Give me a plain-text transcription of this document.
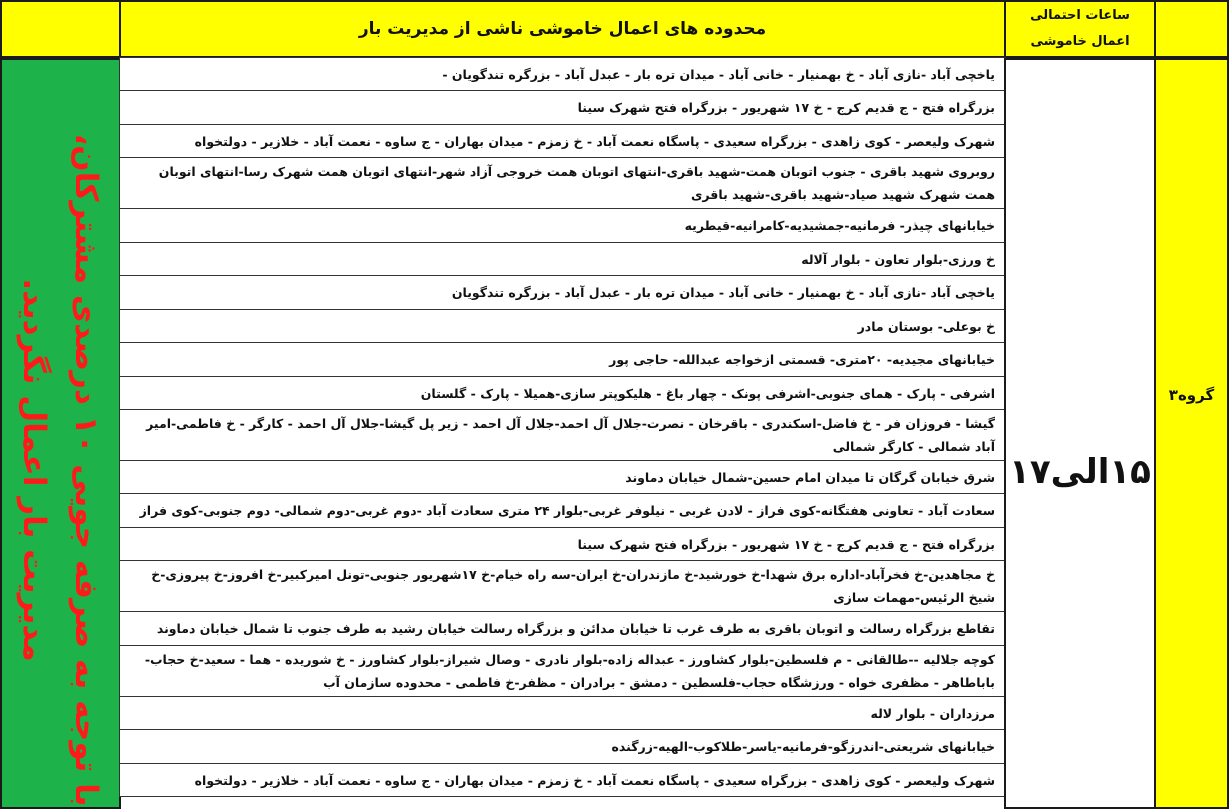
محدوده های اعمال خاموشی ناشی از مدیریت بار
ساعات احتمالی اعمال خاموشی
با توجه به صرفه جویی ۱۰ درصدی مشترکان، مدیریت بار اعمال نگردید.
یاخچی آباد -نازی آباد - خ بهمنیار - خانی آباد - میدان تره بار - عبدل آباد - بزرگره تندگویان -
بزرگراه فتح - ج قدیم کرج - خ ۱۷ شهریور - بزرگراه فتح شهرک سینا
شهرک ولیعصر - کوی زاهدی - بزرگراه سعیدی - پاسگاه نعمت آباد - خ زمزم - میدان بهاران - ج ساوه - نعمت آباد - خلازیر - دولتخواه
روبروی شهید باقری - جنوب اتوبان همت-شهید باقری-انتهای اتوبان همت خروجی آزاد شهر-انتهای اتوبان همت شهرک رسا-انتهای اتوبان همت شهرک شهید صیاد-شهید باقری-شهید باقری
خیابانهای چیذر- فرمانیه-جمشیدیه-کامرانیه-قیطریه
خ ورزی-بلوار تعاون - بلوار آلاله
یاخچی آباد -نازی آباد - خ بهمنیار - خانی آباد - میدان تره بار - عبدل آباد - بزرگره تندگویان
خ بوعلی- بوستان مادر
خیابانهای مجیدیه- ۲۰متری- قسمتی ازخواجه عبدالله- حاجی پور
اشرفی - پارک - همای جنوبی-اشرفی پونک - چهار باغ - هلیکوپتر سازی-همیلا - پارک - گلستان
گیشا - فروزان فر - خ فاضل-اسکندری - باقرخان - نصرت-جلال آل احمد-جلال آل احمد - زیر پل گیشا-جلال آل احمد - کارگر - خ فاطمی-امیر آباد شمالی - کارگر شمالی
شرق خیابان گرگان تا میدان امام حسین-شمال خیابان دماوند
سعادت آباد - تعاونی هفتگانه-کوی فراز - لادن غربی - نیلوفر غربی-بلوار ۲۴ متری سعادت آباد -دوم غربی-دوم شمالی- دوم جنوبی-کوی فراز
بزرگراه فتح - ج قدیم کرج - خ ۱۷ شهریور - بزرگراه فتح شهرک سینا
خ مجاهدین-خ فخرآباد-اداره برق شهدا-خ خورشید-خ مازندران-خ ایران-سه راه خیام-خ ۱۷شهریور جنوبی-تونل امیرکبیر-خ افروز-خ پیروزی-خ شیخ الرئیس-مهمات سازی
تقاطع بزرگراه رسالت و اتوبان باقری به طرف غرب تا خیابان مدائن و بزرگراه رسالت خیابان رشید به طرف جنوب تا شمال خیابان دماوند
کوچه جلالیه --طالقانی - م فلسطین-بلوار کشاورز - عبداله زاده-بلوار نادری - وصال شیراز-بلوار کشاورز - خ شوریده - هما - سعید-خ حجاب-باباطاهر - مظفری خواه - ورزشگاه حجاب-فلسطین - دمشق - برادران - مظفر-خ فاطمی - محدوده سازمان آب
مرزداران - بلوار لاله
خیابانهای شریعتی-اندرزگو-فرمانیه-یاسر-طلاکوب-الهیه-زرگنده
شهرک ولیعصر - کوی زاهدی - بزرگراه سعیدی - پاسگاه نعمت آباد - خ زمزم - میدان بهاران - ج ساوه - نعمت آباد - خلازیر - دولتخواه
۱۵الی۱۷
گروه۳
